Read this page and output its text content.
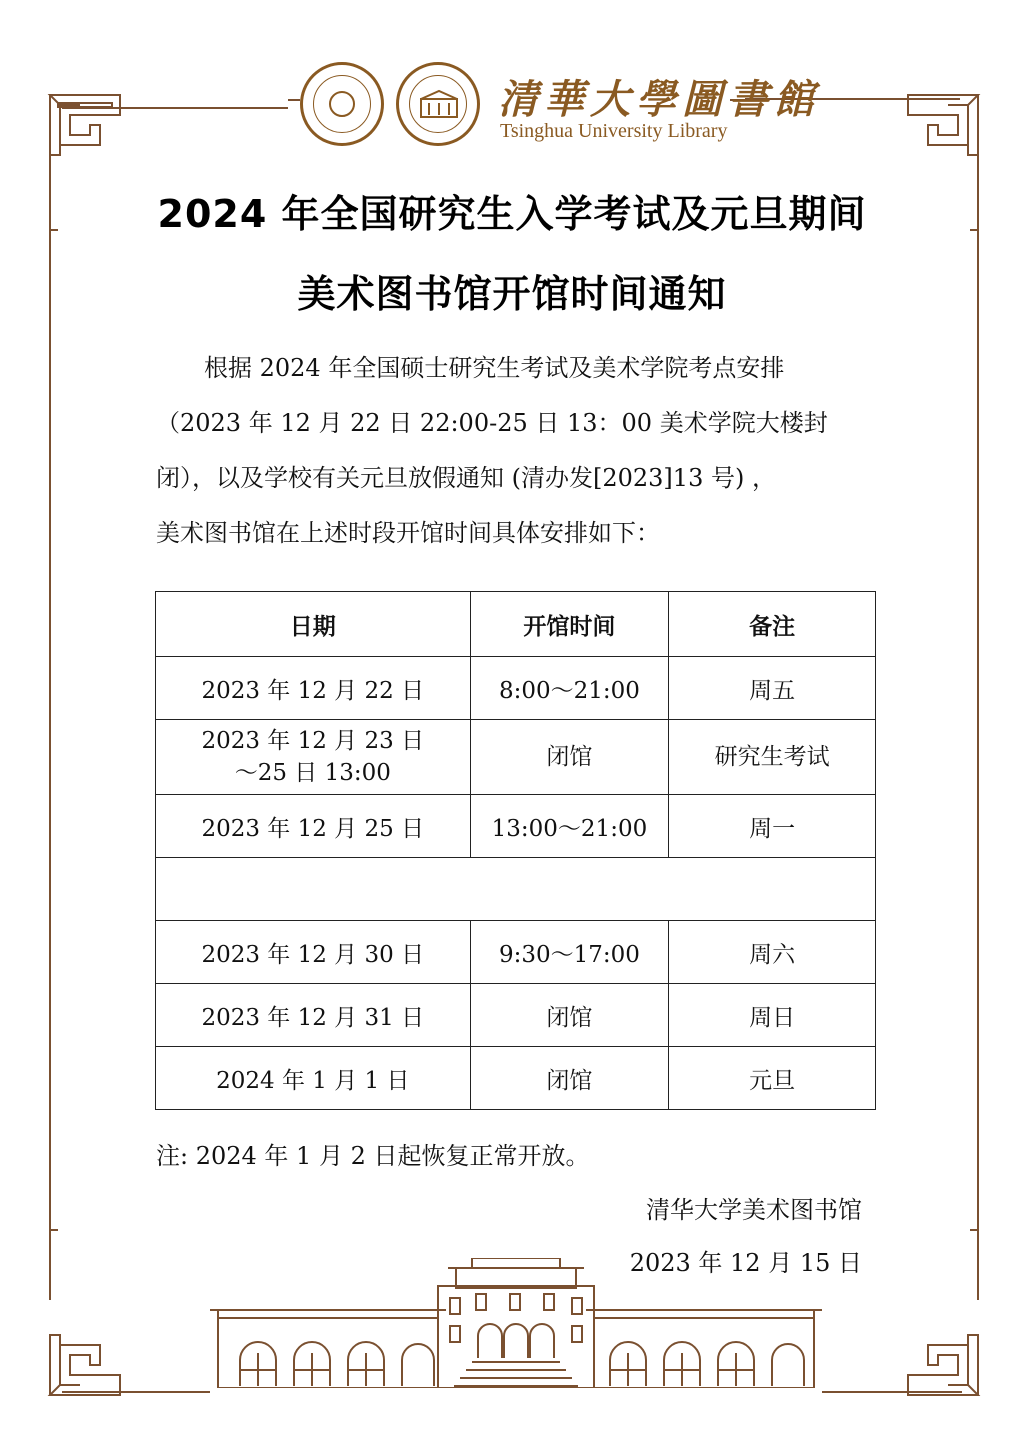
清華大學圖書館
Tsinghua University Library
2024 年全国研究生入学考试及元旦期间
美术图书馆开馆时间通知
　　根据 2024 年全国硕士研究生考试及美术学院考点安排
（2023 年 12 月 22 日 22:00-25 日 13：00 美术学院大楼封
闭），以及学校有关元旦放假通知 (清办发[2023]13 号) ，
美术图书馆在上述时段开馆时间具体安排如下：
日期	开馆时间	备注
2023 年 12 月 22 日	8:00～21:00	周五

2023 年 12 月 23 日
～25 日 13:00	闭馆	研究生考试
2023 年 12 月 25 日	13:00～21:00	周一

2023 年 12 月 30 日	9:30～17:00	周六
2023 年 12 月 31 日	闭馆	周日
2024 年 1 月 1 日	闭馆	元旦
注: 2024 年 1 月 2 日起恢复正常开放。
清华大学美术图书馆
2023 年 12 月 15 日
